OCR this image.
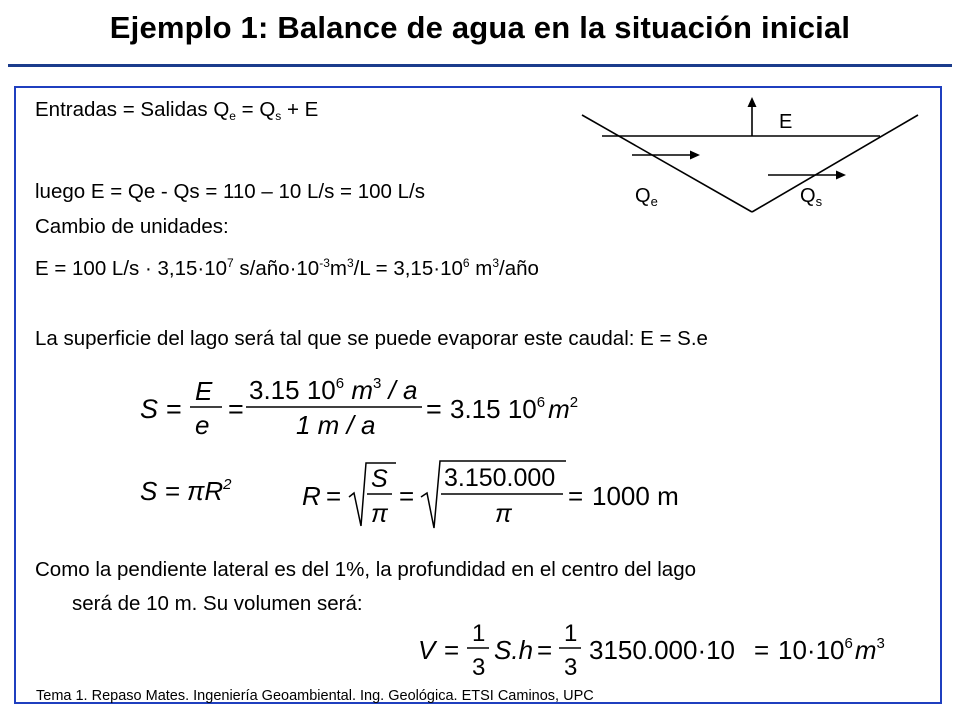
Ejemplo 1: Balance de agua en la situación inicial
Entradas = Salidas $Q_e = Q_s + E$
luego E = Qe - Qs = 110 – 10 L/s = 100 L/s
Cambio de unidades:
E = 100 $L/s \cdot 3,15\cdot 10^7$ $s/año\cdot 10^{-3}m^3/L = 3,15\cdot 10^6$ $m^3$/año
La superficie del lago será tal que se puede evaporar este caudal: E = S.e
Como la pendiente lateral es del 1%, la profundidad en el centro del lago
será de 10 m. Su volumen será:
E
$Q_e$	$Q_s$
S =
E
e
=
3.15 $10^6$ $m^3$ / a
1 m / a
= 3.15 $10^6$ $m^2$
$S = \pi R^2$	R =
S
π
=
3.150.000
π
= 1000 m
V =
1
3
S.h =
1
3
$3150.000\cdot 10 = 10\cdot 10^6m^3$
Tema 1. Repaso Mates. Ingeniería Geoambiental. Ing. Geológica. ETSI Caminos, UPC
